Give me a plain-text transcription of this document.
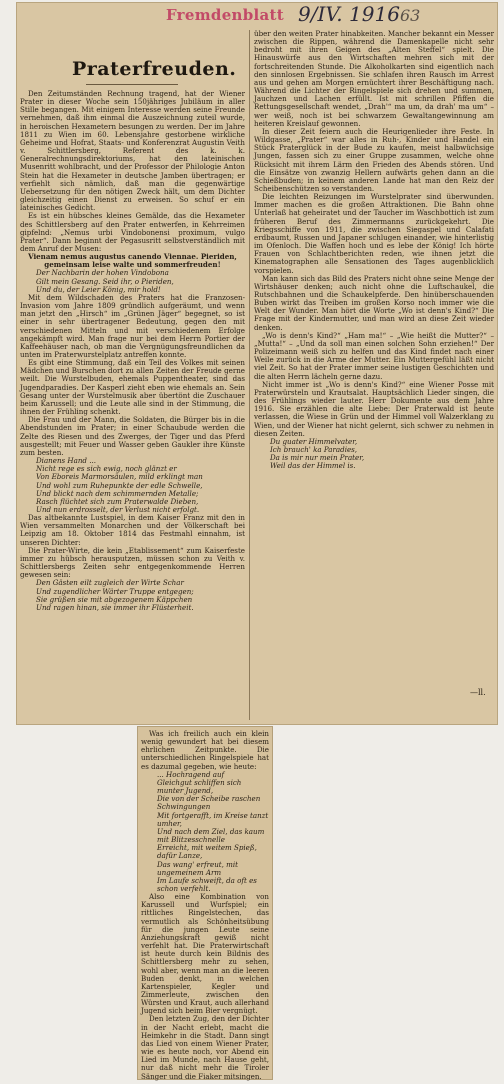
Fremdenblatt 9/IV. 1916 63
Praterfreuden.

Den Zeitumständen Rechnung tragend, hat der Wiener Prater in dieser Woche sein 150jähriges Jubiläum in aller Stille begangen. Mit einigem Interesse werden seine Freunde vernehmen, daß ihm einmal die Auszeichnung zuteil wurde, in heroischen Hexametern besungen zu werden. Der im Jahre 1811 zu Wien im 60. Lebensjahre gestorbene wirkliche Geheime und Hofrat, Staats- und Konferenzrat Augustin Veith v. Schittlersberg, Referent des k. k. Generalrechnungsdirektoriums, hat den lateinischen Musenritt wohlbracht, und der Professor der Philologie Anton Stein hat die Hexameter in deutsche Jamben übertragen; er verfiehlt sich nämlich, daß man die gegenwärtige Uebersetzung für den nötigen Zweck hält, um dem Dichter gleichzeitig einen Dienst zu erweisen. So schuf er ein lateinisches Gedicht.

Es ist ein hübsches kleines Gemälde, das die Hexameter des Schittlersberg auf den Prater entwerfen, in Kehrreimen gipfelnd: „Nemus urbi Vindobonensi proximum, vulgo Prater“. Dann beginnt der Pegasusritt selbstverständlich mit dem Anruf der Musen:

Vienam nemus augustus canendo Viennae. Pieriden, gemeinsam leise walte und sommerfreuden!

Der Nachbarin der hohen Vindobona

Gilt mein Gesang. Seid ihr, o Pieriden,

Und du, der Leier König, mir hold!

Mit dem Wildschaden des Praters hat die Franzosen-Invasion vom Jahre 1809 gründlich aufgeräumt, und wenn man jetzt den „Hirsch“ im „Grünen Jäger“ begegnet, so ist einer in sehr übertragener Bedeutung, gegen den mit verschiedenen Mitteln und mit verschiedenem Erfolge angekämpft wird. Man frage nur bei dem Herrn Portier der Kaffeehäuser nach, ob man die Vergnügungsfreundlichen da unten im Praterwurstelplatz antreffen konnte.

Es gibt eine Stimmung, daß ein Teil des Volkes mit seinen Mädchen und Burschen dort zu allen Zeiten der Freude gerne weilt. Die Wurstelbuden, ehemals Puppentheater, sind das Jugendparadies. Der Kasperl zieht eben wie ehemals an. Sein Gesang unter der Wurstelmusik aber übertönt die Zuschauer beim Karussell; und die Leute alle sind in der Stimmung, die ihnen der Frühling schenkt.

Die Frau und der Mann, die Soldaten, die Bürger bis in die Abendstunden im Prater; in einer Schaubude werden die Zelte des Riesen und des Zwerges, der Tiger und das Pferd ausgestellt; mit Feuer und Wasser geben Gaukler ihre Künste zum besten.

Dianens Hand ...

Nicht rege es sich ewig, noch glänzt er

Von Eboreis Marmorsäulen, mild erklingt man

Und wohl zum Ruhepunkte der edle Schwelle,

Und blickt nach dem schimmernden Metalle;

Rasch flüchtet sich zum Praterwalde Dieben,

Und nun erdrosselt, der Verlust nicht erfolgt.

Das altbekannte Lustspiel, in dem Kaiser Franz mit den in Wien versammelten Monarchen und der Völkerschaft bei Leipzig am 18. Oktober 1814 das Festmahl einnahm, ist unseren Dichter:

Die Prater-Wirte, die kein „Etablissement“ zum Kaiserfeste immer zu hübsch herausputzen, müssen schon zu Veith v. Schittlersbergs Zeiten sehr entgegenkommende Herren gewesen sein:

Den Gästen eilt zugleich der Wirte Schar

Und zugendlicher Wärter Truppe entgegen;

Sie grüßen sie mit abgezogenem Käppchen

Und ragen hinan, sie immer ihr Flüsterheit.

über den weiten Prater hinabkeiten. Mancher bekannt ein Messer zwischen die Rippen, während die Damenkapelle nicht sehr bedroht mit ihren Geigen des „Alten Steffel“ spielt. Die Hinauswürfe aus den Wirtschaften mehren sich mit der fortschreitenden Stunde. Die Alkoholkarten sind eigentlich nach den sinnlosen Ergebnissen. Sie schlafen ihren Rausch im Arrest aus und gehen am Morgen ernüchtert ihrer Beschäftigung nach. Während die Lichter der Ringelspiele sich drehen und summen, Jauchzen und Lachen erfüllt. Ist mit schrillen Pfiffen die Rettungsgesellschaft wendet, „Drah'“ ma um, da drah' ma um“ – wer weiß, noch ist bei schwarzem Gewaltangewinnung am heiteren Kreislauf gewonnen.

In dieser Zeit feiern auch die Heurigenlieder ihre Feste. In Wildgasse, „Prater“ war alles in Ruh-, Kinder und Handel ein Stück Praterglück in der Bude zu kaufen, meist halbwüchsige Jungen, fassen sich zu einer Gruppe zusammen, welche ohne Rücksicht mit ihrem Lärm den Frieden des Abends stören. Und die Einsätze von zwanzig Hellern aufwärts gehen dann an die Schießbuden; in keinem anderen Lande hat man den Reiz der Scheibenschützen so verstanden.

Die leichten Reizungen im Wurstelprater sind überwunden. Immer machen es die großen Attraktionen. Die Bahn ohne Unterlaß hat geheiratet und der Taucher im Waschbottich ist zum früheren Beruf des Zimmermanns zurückgekehrt. Die Kriegsschiffe von 1911, die zwischen Siegaspel und Calafati erdbaumt, Russen und Japaner schlugen einander, wie hinterlistig im Ofenloch. Die Waffen hoch und es lebe der König! Ich hörte Frauen von Schlachtberichten reden, wie ihnen jetzt die Kinematographen alle Sensationen des Tages augenblicklich vorspielen.

Man kann sich das Bild des Praters nicht ohne seine Menge der Wirtshäuser denken; auch nicht ohne die Luftschaukel, die Rutschbahnen und die Schaukelpferde. Den hinüberschauenden Buben wirkt das Treiben im großen Korso noch immer wie die Welt der Wunder. Man hört die Worte „Wo ist denn's Kind?“ Die Frage mit der Kindermutter, und man wird an diese Zeit wieder denken.

„Wo is denn's Kind?“ „Ham ma!“ – „Wie heißt die Mutter?“ – „Mutta!“ – „Und da soll man einen solchen Sohn erziehen!“ Der Polizeimann weiß sich zu helfen und das Kind findet nach einer Weile zurück in die Arme der Mutter. Ein Muttergefühl läßt nicht viel Zeit. So hat der Prater immer seine lustigen Geschichten und die alten Herrn lächeln gerne dazu.

Nicht immer ist „Wo is denn's Kind?“ eine Wiener Posse mit Praterwürsteln und Krautsalat. Hauptsächlich Lieder singen, die des Frühlings wieder lauter. Herr Dokumente aus dem Jahre 1916. Sie erzählen die alte Liebe: Der Praterwald ist heute verlassen, die Wiese in Grün und der Himmel voll Walzerklang zu Wien, und der Wiener hat nicht gelernt, sich schwer zu nehmen in diesen Zeiten.

Du guater Himmelvater,

Ich brauch' ka Paradies,

Da is mir nur mein Prater,

Weil das der Himmel is.

—ll.

Was ich freilich auch ein klein wenig gewundert hat bei diesem ehrlichen Zeitpunkte. Die unterschiedlichen Ringelspiele hat es dazumal gegeben, wie heute:

... Hochragend auf

Gleichgut schliffen sich munter Jugend,

Die von der Scheibe raschen Schwingungen

Mit fortgerafft, im Kreise tanzt umher,

Und nach dem Ziel, das kaum mit Blitzesschnelle

Erreicht, mit weitem Spieß, dafür Lanze,

Das wang' erfreut, mit ungemeinem Arm

Im Laufe schweift, da oft es schon verfehlt.

Also eine Kombination von Karussell und Wurfspiel; ein rittliches Ringelstechen, das vermutlich als Schönheitsübung für die jungen Leute seine Anziehungskraft gewiß nicht verfehlt hat. Die Praterwirtschaft ist heute durch kein Bildnis des Schittlersberg mehr zu sehen, wohl aber, wenn man an die leeren Buden denkt, in welchen Kartenspieler, Kegler und Zimmerleute, zwischen den Würsten und Kraut, auch allerhand Jugend sich beim Bier vergnügt.

Den letzten Zug, den der Dichter in der Nacht erlebt, macht die Heimkehr in die Stadt. Dann singt das Lied von einem Wiener Prater, wie es heute noch, vor Abend ein Lied im Munde, nach Hause geht, nur daß nicht mehr die Tiroler Sänger und die Fiaker mitsingen.
